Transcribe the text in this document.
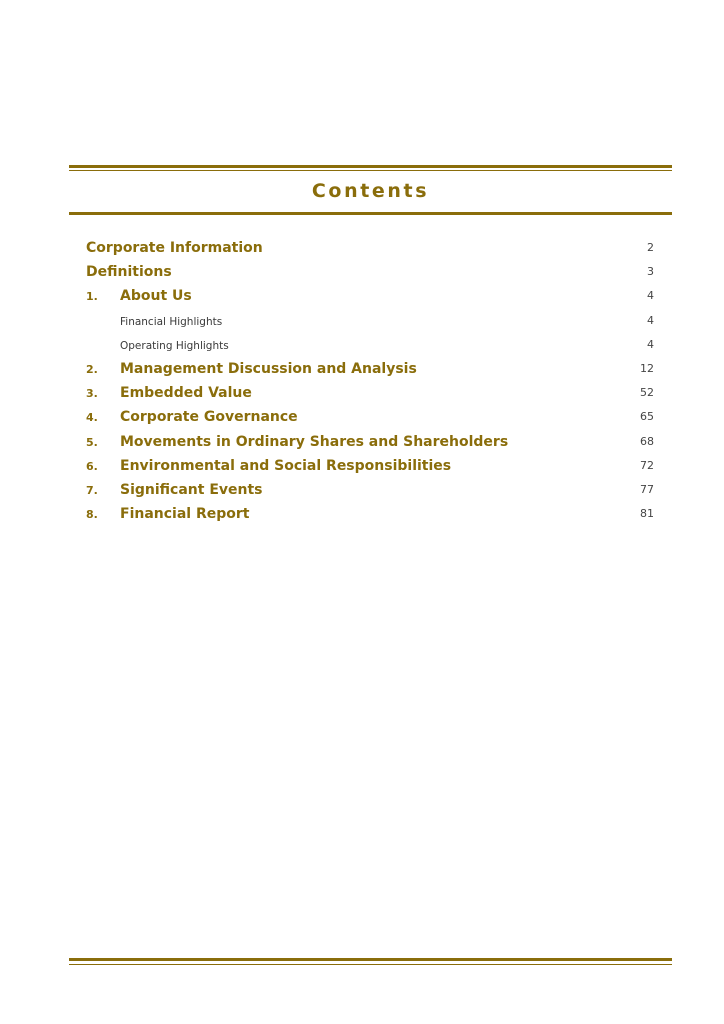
Contents
Corporate Information	2
Definitions	3
1. About Us	4
Financial Highlights	4
Operating Highlights	4
2. Management Discussion and Analysis	12
3. Embedded Value	52
4. Corporate Governance	65
5. Movements in Ordinary Shares and Shareholders	68
6. Environmental and Social Responsibilities	72
7. Significant Events	77
8. Financial Report	81
